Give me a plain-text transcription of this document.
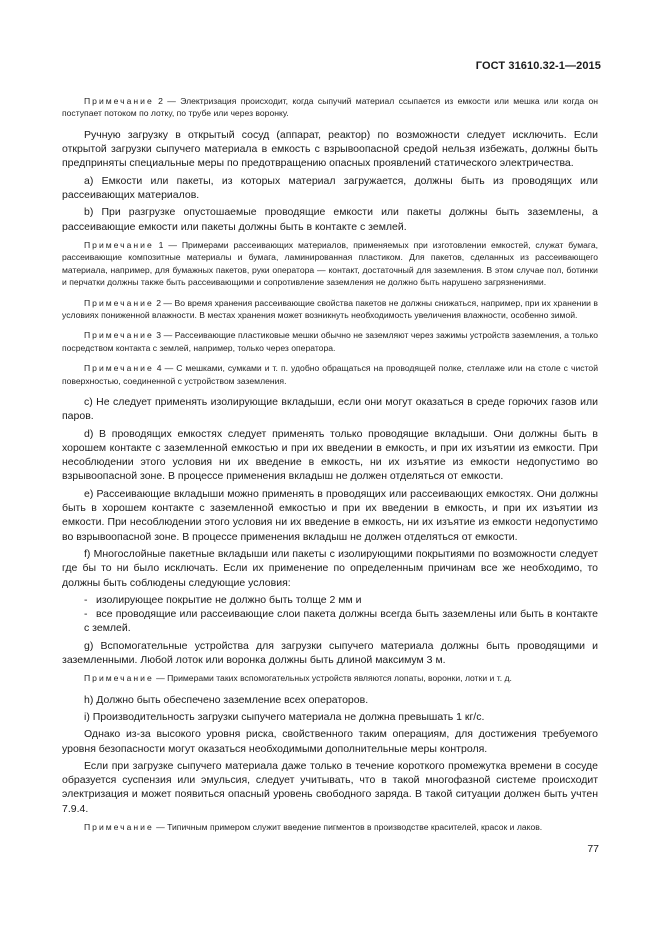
ГОСТ 31610.32-1—2015

Примечание 2 — Электризация происходит, когда сыпучий материал ссыпается из емкости или мешка или когда он поступает потоком по лотку, по трубе или через воронку.

Ручную загрузку в открытый сосуд (аппарат, реактор) по возможности следует исключить. Если открытой загрузки сыпучего материала в емкость с взрывоопасной средой нельзя избежать, должны быть предприняты специальные меры по предотвращению опасных проявлений статического электричества.

a) Емкости или пакеты, из которых материал загружается, должны быть из проводящих или рассеивающих материалов.

b) При разгрузке опустошаемые проводящие емкости или пакеты должны быть заземлены, а рассеивающие емкости или пакеты должны быть в контакте с землей.

Примечание 1 — Примерами рассеивающих материалов, применяемых при изготовлении емкостей, служат бумага, рассеивающие композитные материалы и бумага, ламинированная пластиком. Для пакетов, сделанных из рассеивающего материала, например, для бумажных пакетов, руки оператора — контакт, достаточный для заземления. В этом случае пол, ботинки и перчатки должны также быть рассеивающими и сопротивление заземления не должно быть нарушено загрязнениями.

Примечание 2 — Во время хранения рассеивающие свойства пакетов не должны снижаться, например, при их хранении в условиях пониженной влажности. В местах хранения может возникнуть необходимость увеличения влажности, особенно зимой.

Примечание 3 — Рассеивающие пластиковые мешки обычно не заземляют через зажимы устройств заземления, а только посредством контакта с землей, например, только через оператора.

Примечание 4 — С мешками, сумками и т. п. удобно обращаться на проводящей полке, стеллаже или на столе с чистой поверхностью, соединенной с устройством заземления.

c) Не следует применять изолирующие вкладыши, если они могут оказаться в среде горючих газов или паров.

d) В проводящих емкостях следует применять только проводящие вкладыши. Они должны быть в хорошем контакте с заземленной емкостью и при их введении в емкость, и при их изъятии из емкости. При несоблюдении этого условия ни их введение в емкость, ни их изъятие из емкости недопустимо во взрывоопасной зоне. В процессе применения вкладыш не должен отделяться от емкости.

e) Рассеивающие вкладыши можно применять в проводящих или рассеивающих емкостях. Они должны быть в хорошем контакте с заземленной емкостью и при их введении в емкость, и при их изъятии из емкости. При несоблюдении этого условия ни их введение в емкость, ни их изъятие из емкости недопустимо во взрывоопасной зоне. В процессе применения вкладыш не должен отделяться от емкости.

f) Многослойные пакетные вкладыши или пакеты с изолирующими покрытиями по возможности следует где бы то ни было исключать. Если их применение по определенным причинам все же необходимо, то должны быть соблюдены следующие условия:

- изолирующее покрытие не должно быть толще 2 мм и

- все проводящие или рассеивающие слои пакета должны всегда быть заземлены или быть в контакте с землей.

g) Вспомогательные устройства для загрузки сыпучего материала должны быть проводящими и заземленными. Любой лоток или воронка должны быть длиной максимум 3 м.

Примечание — Примерами таких вспомогательных устройств являются лопаты, воронки, лотки и т. д.

h) Должно быть обеспечено заземление всех операторов.

i) Производительность загрузки сыпучего материала не должна превышать 1 кг/с.

Однако из-за высокого уровня риска, свойственного таким операциям, для достижения требуемого уровня безопасности могут оказаться необходимыми дополнительные меры контроля.

Если при загрузке сыпучего материала даже только в течение короткого промежутка времени в сосуде образуется суспензия или эмульсия, следует учитывать, что в такой многофазной системе происходит электризация и может появиться опасный уровень свободного заряда. В такой ситуации должен быть учтен 7.9.4.

Примечание — Типичным примером служит введение пигментов в производстве красителей, красок и лаков.

77
